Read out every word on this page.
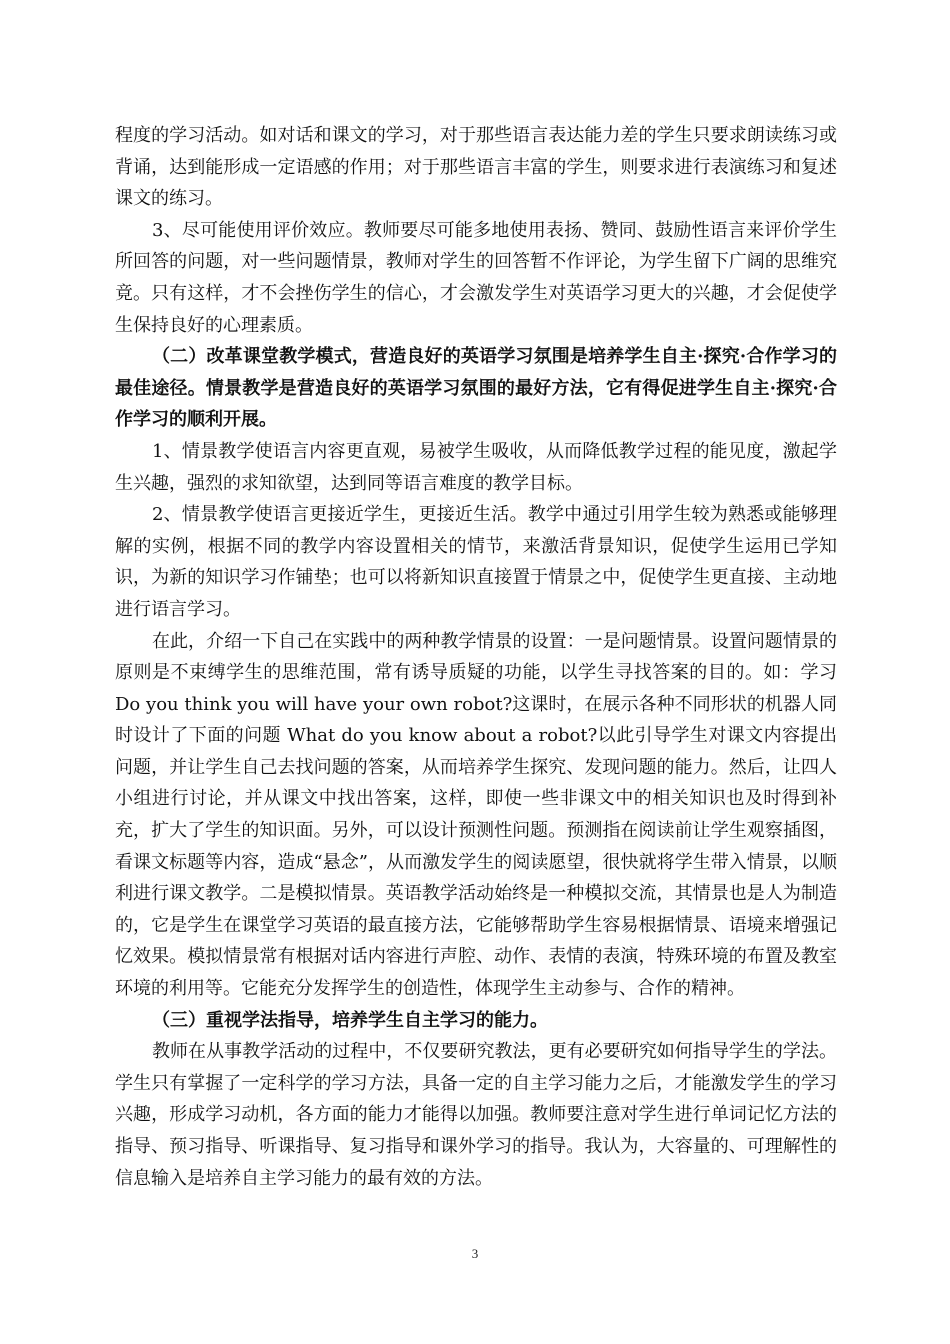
程度的学习活动。如对话和课文的学习，对于那些语言表达能力差的学生只要求朗读练习或背诵，达到能形成一定语感的作用；对于那些语言丰富的学生，则要求进行表演练习和复述课文的练习。

3、尽可能使用评价效应。教师要尽可能多地使用表扬、赞同、鼓励性语言来评价学生所回答的问题，对一些问题情景，教师对学生的回答暂不作评论，为学生留下广阔的思维究竟。只有这样，才不会挫伤学生的信心，才会激发学生对英语学习更大的兴趣，才会促使学生保持良好的心理素质。

（二）改革课堂教学模式，营造良好的英语学习氛围是培养学生自主·探究·合作学习的最佳途径。情景教学是营造良好的英语学习氛围的最好方法，它有得促进学生自主·探究·合作学习的顺利开展。

1、情景教学使语言内容更直观，易被学生吸收，从而降低教学过程的能见度，激起学生兴趣，强烈的求知欲望，达到同等语言难度的教学目标。

2、情景教学使语言更接近学生，更接近生活。教学中通过引用学生较为熟悉或能够理解的实例，根据不同的教学内容设置相关的情节，来激活背景知识，促使学生运用已学知识，为新的知识学习作铺垫；也可以将新知识直接置于情景之中，促使学生更直接、主动地进行语言学习。

在此，介绍一下自己在实践中的两种教学情景的设置：一是问题情景。设置问题情景的原则是不束缚学生的思维范围，常有诱导质疑的功能，以学生寻找答案的目的。如：学习 Do you think you will have your own robot?这课时，在展示各种不同形状的机器人同时设计了下面的问题 What do you know about a robot?以此引导学生对课文内容提出问题，并让学生自己去找问题的答案，从而培养学生探究、发现问题的能力。然后，让四人小组进行讨论，并从课文中找出答案，这样，即使一些非课文中的相关知识也及时得到补充，扩大了学生的知识面。另外，可以设计预测性问题。预测指在阅读前让学生观察插图，看课文标题等内容，造成“悬念”，从而激发学生的阅读愿望，很快就将学生带入情景，以顺利进行课文教学。二是模拟情景。英语教学活动始终是一种模拟交流，其情景也是人为制造的，它是学生在课堂学习英语的最直接方法，它能够帮助学生容易根据情景、语境来增强记忆效果。模拟情景常有根据对话内容进行声腔、动作、表情的表演，特殊环境的布置及教室环境的利用等。它能充分发挥学生的创造性，体现学生主动参与、合作的精神。

（三）重视学法指导，培养学生自主学习的能力。

教师在从事教学活动的过程中，不仅要研究教法，更有必要研究如何指导学生的学法。学生只有掌握了一定科学的学习方法，具备一定的自主学习能力之后，才能激发学生的学习兴趣，形成学习动机，各方面的能力才能得以加强。教师要注意对学生进行单词记忆方法的指导、预习指导、听课指导、复习指导和课外学习的指导。我认为，大容量的、可理解性的信息输入是培养自主学习能力的最有效的方法。

3
